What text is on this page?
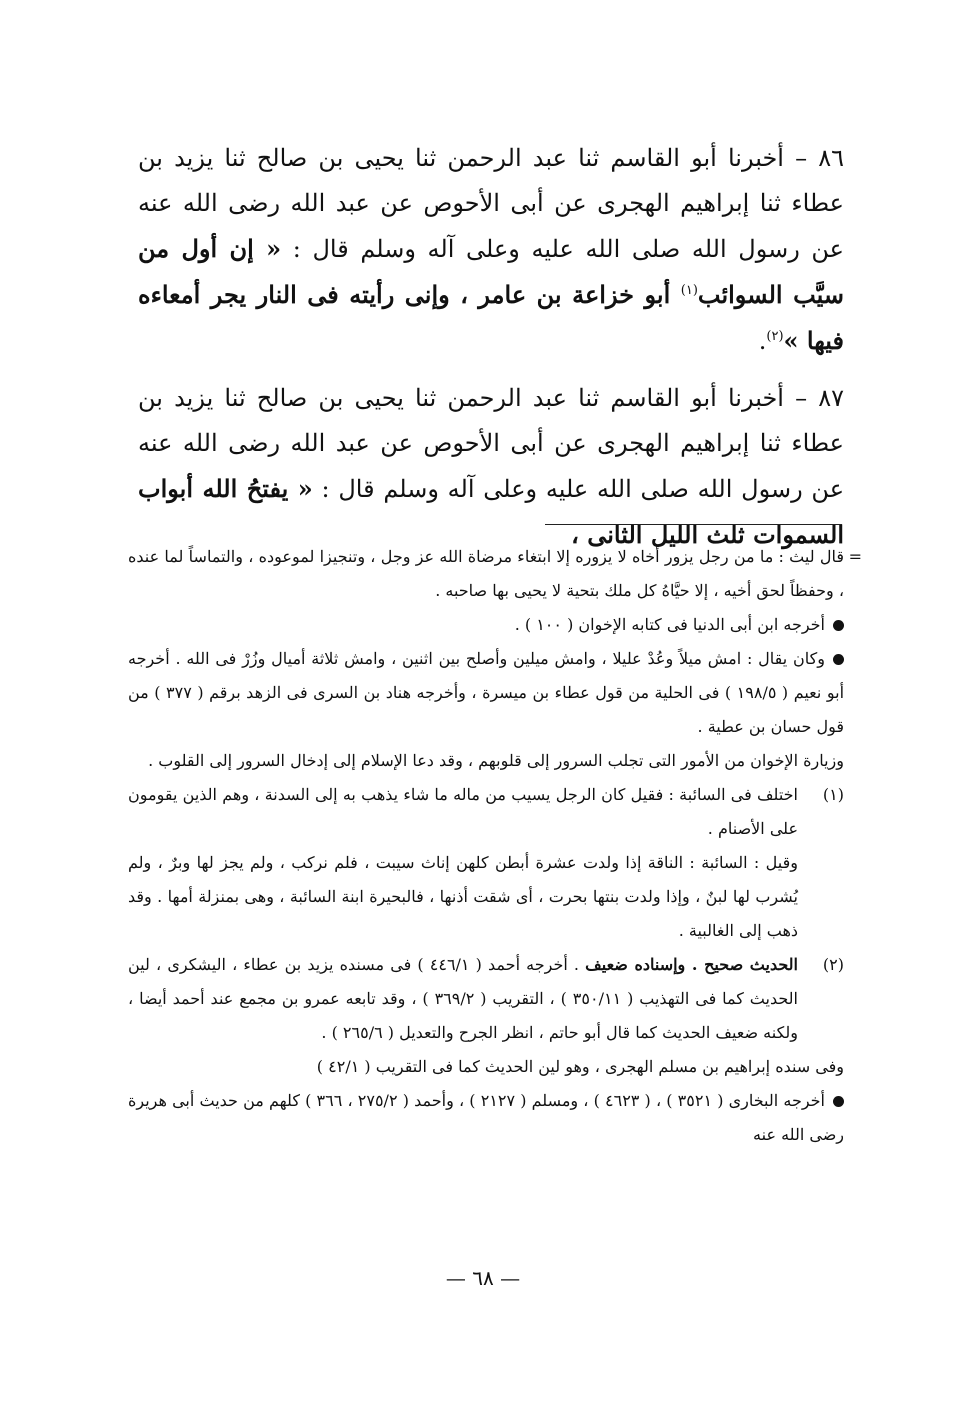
٨٦ – أخبرنا أبو القاسم ثنا عبد الرحمن ثنا يحيى بن صالح ثنا يزيد بن عطاء ثنا إبراهيم الهجرى عن أبى الأحوص عن عبد الله رضى الله عنه عن رسول الله صلى الله عليه وعلى آله وسلم قال : « إن أول من سيَّب السوائب$^{(١)}$ أبو خزاعة بن عامر ، وإنى رأيته فى النار يجر أمعاءه فيها »$^{(٢)}$.

٨٧ – أخبرنا أبو القاسم ثنا عبد الرحمن ثنا يحيى بن صالح ثنا يزيد بن عطاء ثنا إبراهيم الهجرى عن أبى الأحوص عن عبد الله رضى الله عنه عن رسول الله صلى الله عليه وعلى آله وسلم قال : « يفتحُ الله أبواب السموات ثلث الليل الثانى ،

=
قال ليث : ما من رجل يزور أخاه لا يزوره إلا ابتغاء مرضاة الله عز وجل ، وتنجيزا لموعوده ، والتماساً لما عنده ، وحفظاً لحق أخيه ، إلا حيَّاهُ كل ملك بتحية لا يحيى بها صاحبه .

أخرجه ابن أبى الدنيا فى كتابه الإخوان ( ١٠٠ ) .

وكان يقال : امش ميلاً وعُدْ عليلا ، وامش ميلين وأصلح بين اثنين ، وامش ثلاثة أميال وزُرْ فى الله . أخرجه أبو نعيم ( ١٩٨/٥ ) فى الحلية من قول عطاء بن ميسرة ، وأخرجه هناد بن السرى فى الزهد برقم ( ٣٧٧ ) من قول حسان بن عطية .

وزيارة الإخوان من الأمور التى تجلب السرور إلى قلوبهم ، وقد دعا الإسلام إلى إدخال السرور إلى القلوب .

(١)

اختلف فى السائبة : فقيل كان الرجل يسيب من ماله ما شاء يذهب به إلى السدنة ، وهم الذين يقومون على الأصنام .

وقيل : السائبة : الناقة إذا ولدت عشرة أبطن كلهن إناث سيبت ، فلم نركب ، ولم يجز لها وبرٌ ، ولم يُشرب لها لبنٌ ، وإذا ولدت بنتها بحرت ، أى شقت أذنها ، فالبحيرة ابنة السائبة ، وهى بمنزلة أمها . وقد ذهب إلى الغالبية .

(٢)

الحديث صحيح . وإسناده ضعيف . أخرجه أحمد ( ٤٤٦/١ ) فى مسنده يزيد بن عطاء ، اليشكرى ، لين الحديث كما فى التهذيب ( ٣٥٠/١١ ) ، التقريب ( ٣٦٩/٢ ) ، وقد تابعه عمرو بن مجمع عند أحمد أيضا ، ولكنه ضعيف الحديث كما قال أبو حاتم ، انظر الجرح والتعديل ( ٢٦٥/٦ ) .

وفى سنده إبراهيم بن مسلم الهجرى ، وهو لين الحديث كما فى التقريب ( ٤٢/١ )

أخرجه البخارى ( ٣٥٢١ ) ، ( ٤٦٢٣ ) ، ومسلم ( ٢١٢٧ ) ، وأحمد ( ٢٧٥/٢ ، ٣٦٦ ) كلهم من حديث أبى هريرة رضى الله عنه

— ٦٨ —
